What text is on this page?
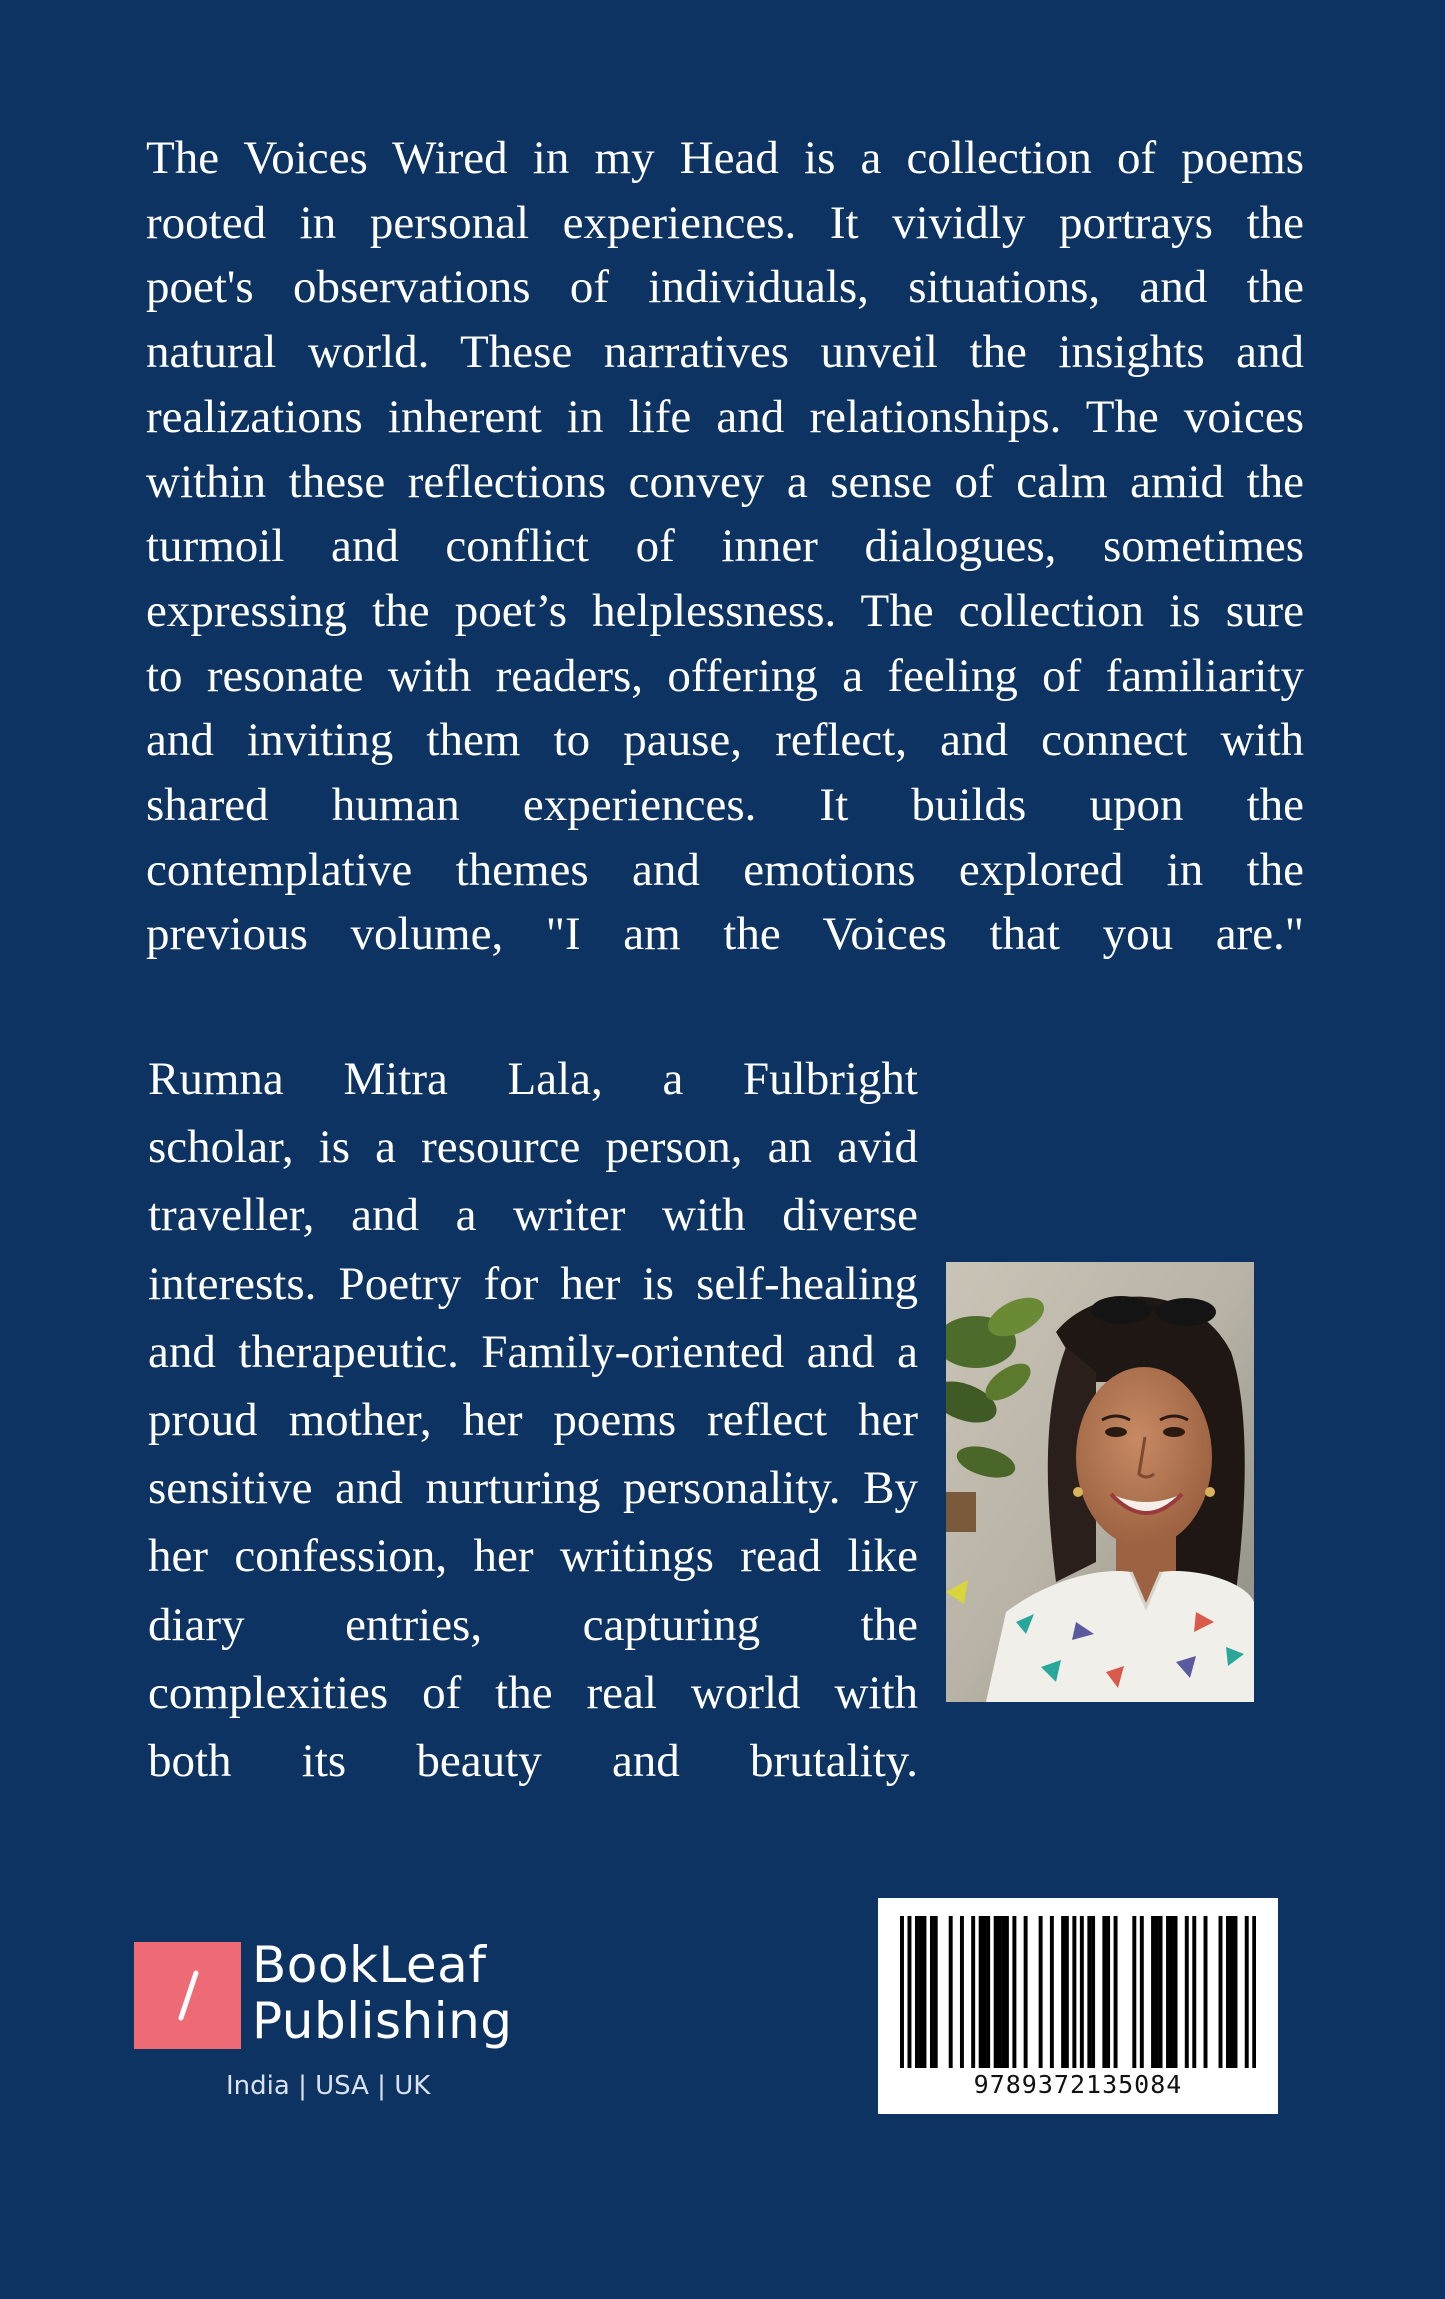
The Voices Wired in my Head is a collection of poems
rooted in personal experiences. It vividly portrays the
poet's observations of individuals, situations, and the
natural world. These narratives unveil the insights and
realizations inherent in life and relationships. The voices
within these reflections convey a sense of calm amid the
turmoil and conflict of inner dialogues, sometimes
expressing the poet’s helplessness. The collection is sure
to resonate with readers, offering a feeling of familiarity
and inviting them to pause, reflect, and connect with
shared human experiences. It builds upon the
contemplative themes and emotions explored in the
previous volume, "I am the Voices that you are."
Rumna Mitra Lala, a Fulbright
scholar, is a resource person, an avid
traveller, and a writer with diverse
interests. Poetry for her is self-healing
and therapeutic. Family-oriented and a
proud mother, her poems reflect her
sensitive and nurturing personality. By
her confession, her writings read like
diary entries, capturing the
complexities of the real world with
both its beauty and brutality.
BookLeaf
Publishing
India | USA | UK	9789372135084
